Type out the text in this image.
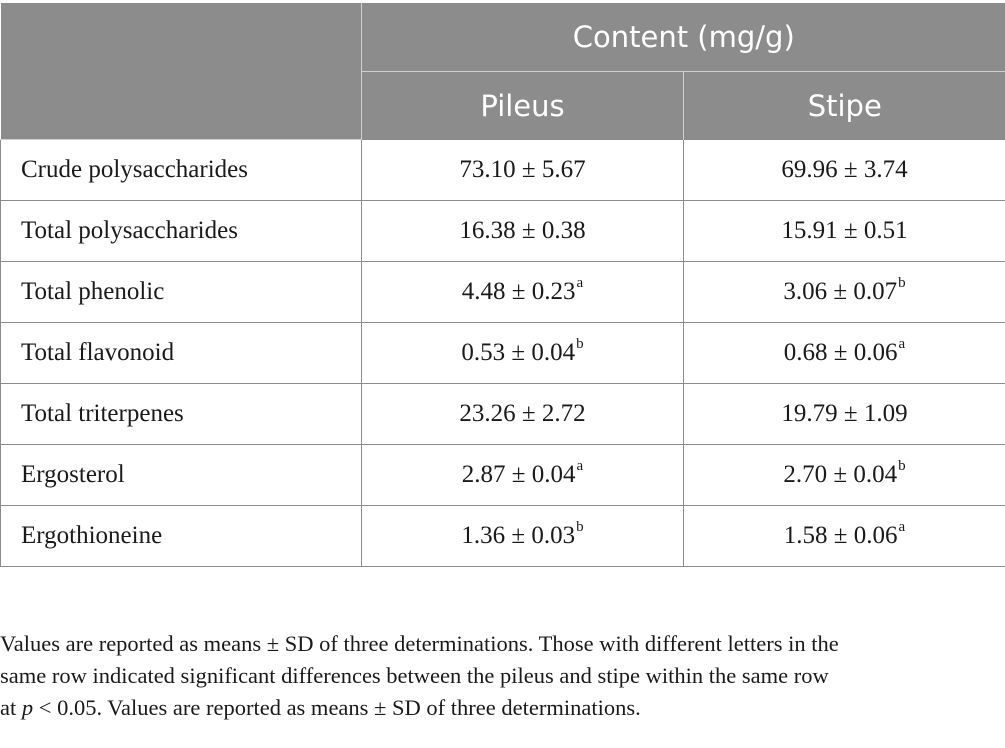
	Content (mg/g)	
	Pileus	Stipe
Crude polysaccharides	73.10 ± 5.67	69.96 ± 3.74
Total polysaccharides	16.38 ± 0.38	15.91 ± 0.51
Total phenolic	4.48 ± 0.23$^a$	3.06 ± 0.07$^b$
Total flavonoid	0.53 ± 0.04$^b$	0.68 ± 0.06$^a$
Total triterpenes	23.26 ± 2.72	19.79 ± 1.09
Ergosterol	2.87 ± 0.04$^a$	2.70 ± 0.04$^b$
Ergothioneine	1.36 ± 0.03$^b$	1.58 ± 0.06$^a$
Values are reported as means ± SD of three determinations. Those with different letters in the
same row indicated significant differences between the pileus and stipe within the same row
at p < 0.05. Values are reported as means ± SD of three determinations.
